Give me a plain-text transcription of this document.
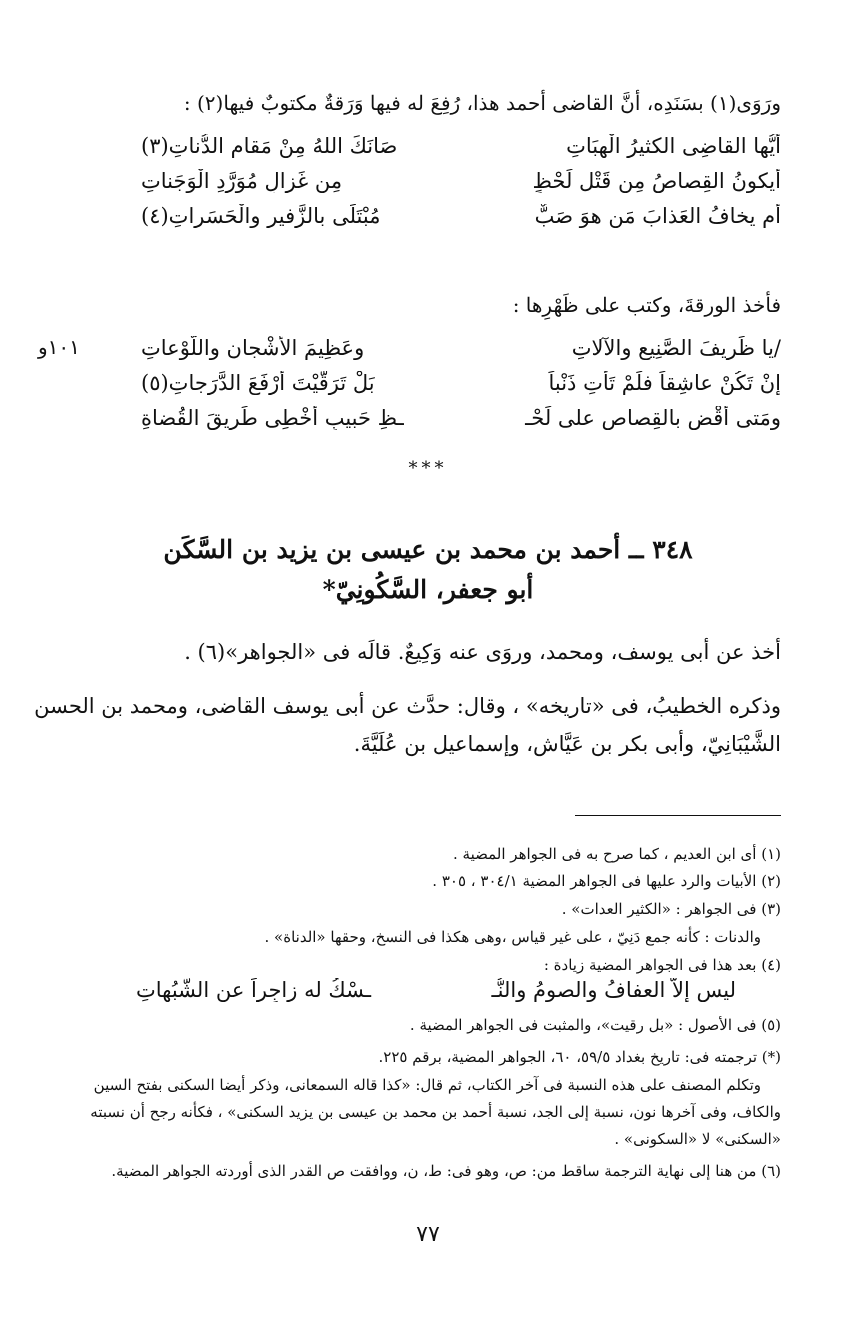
ورَوَى(١) بسَنَدِه، أنَّ القاضى أحمد هذا، رُفِعَ له فيها وَرَقةٌ مكتوبٌ فيها(٢) :
أيُّها القاضِى الكثيرُ الْهِبَاتِ
صَانَكَ اللهُ مِنْ مَقامِ الدُّناتِ(٣)
أيكونُ القِصاصُ مِن قَتْلِ لَحْظٍ
مِن غَزالٍ مُوَرَّدِ الْوَجَناتِ
أم يخافُ العَذابَ مَن هوَ صَبٌّ
مُبْتَلًى بالزَّفيرِ والْحَسَراتِ(٤)
فأخذ الورقةَ، وكتب على ظَهْرِها :
١٠١و	/يا ظَرِيفَ الصَّنِيعِ والآلاتِ
وعَظِيمَ الأَشْجانِ واللَّوْعاتِ
إنْ تَكُنْ عاشِقاً فلَمْ تَأْتِ ذَنْباً
بَلْ تَرَقَّيْتَ أرْفَعَ الدَّرَجاتِ(٥)
ومَتى أقْضِ بالقِصاصِ على لَحْـ
ـظِ حَبيبٍ أُخْطِى طَرِيقَ القُضاةِ
***
٣٤٨ ــ أحمد بن محمد بن عيسى بن يزيد بن السَّكَن
أبو جعفر، السَّكُونِيّ*
أخذ عن أبى يوسف، ومحمد، وروَى عنه وَكِيعٌ. قالَه فى «الجواهر»(٦) .
وذكره الخطيبُ، فى «تاريخه» ، وقال: حدَّث عن أبى يوسف القاضى، ومحمد بن الحسن
الشَّيْبَانِيّ، وأبى بكر بن عَيَّاش، وإسماعيل بن عُلَيَّةَ.
(١) أى ابن العديم ، كما صرح به فى الجواهر المضية .
(٢) الأبيات والرد عليها فى الجواهر المضية ٣٠٤/١ ، ٣٠٥ .
(٣) فى الجواهر : «الكثير العدات» .
والدنات : كأنه جمع دَنِيّ ، على غير قياس ،وهى هكذا فى النسخ، وحقها «الدناة» .
(٤) بعد هذا فى الجواهر المضية زيادة :
ليس إلاَّ العفافُ والصومُ والنُّـ
ـسْكُ له زاجِراً عن الشُّبُهاتِ
(٥) فى الأصول : «بل رقيت»، والمثبت فى الجواهر المضية .
(*) ترجمته فى: تاريخ بغداد ٥٩/٥، ٦٠، الجواهر المضية، برقم ٢٢٥.
وتكلم المصنف على هذه النسبة فى آخر الكتاب، ثم قال: «كذا قاله السمعانى، وذكر أيضا السكنى بفتح السين
والكاف، وفى آخرها نون، نسبة إلى الجد، نسبة أحمد بن محمد بن عيسى بن يزيد السكنى» ، فكأنه رجح أن نسبته
«السكنى» لا «السكونى» .
(٦) من هنا إلى نهاية الترجمة ساقط من: ص، وهو فى: ط، ن، ووافقت ص القدر الذى أوردته الجواهر المضية.
٧٧
